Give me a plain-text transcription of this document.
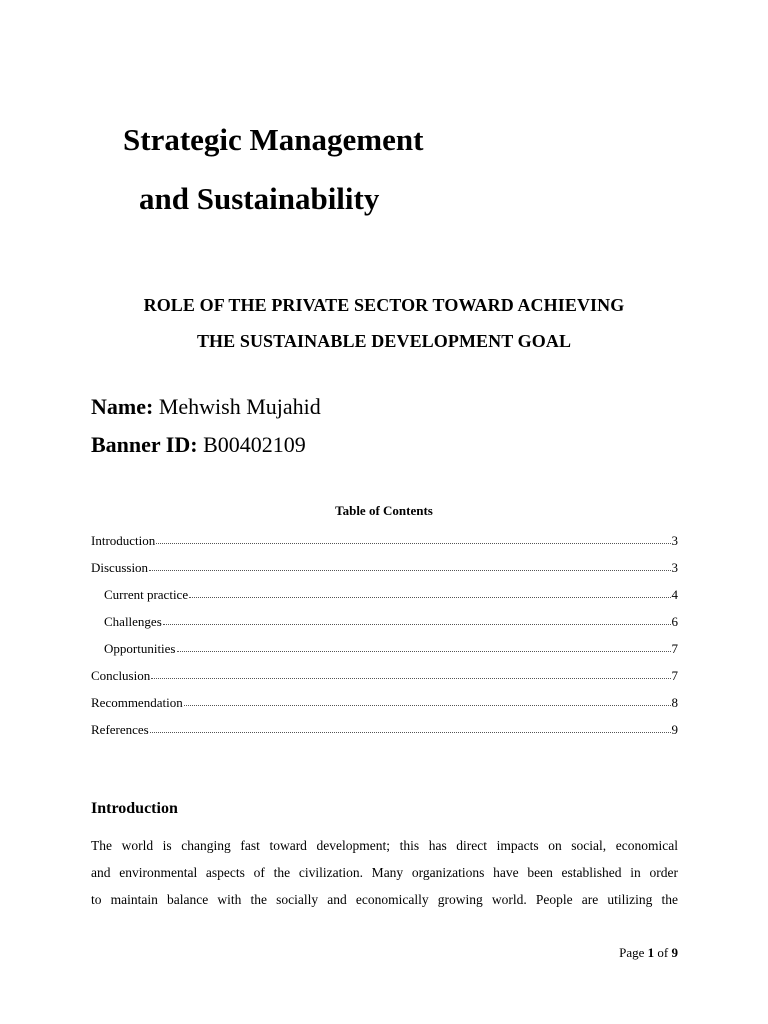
Strategic Management
and Sustainability
ROLE OF THE PRIVATE SECTOR TOWARD ACHIEVING
THE SUSTAINABLE DEVELOPMENT GOAL
Name: Mehwish Mujahid
Banner ID: B00402109
Table of Contents
Introduction	3
Discussion	3
Current practice	4
Challenges	6
Opportunities	7
Conclusion	7
Recommendation	8
References	9
Introduction
The world is changing fast toward development; this has direct impacts on social, economical
and environmental aspects of the civilization. Many organizations have been established in order
to maintain balance with the socially and economically growing world. People are utilizing the
Page 1 of 9
